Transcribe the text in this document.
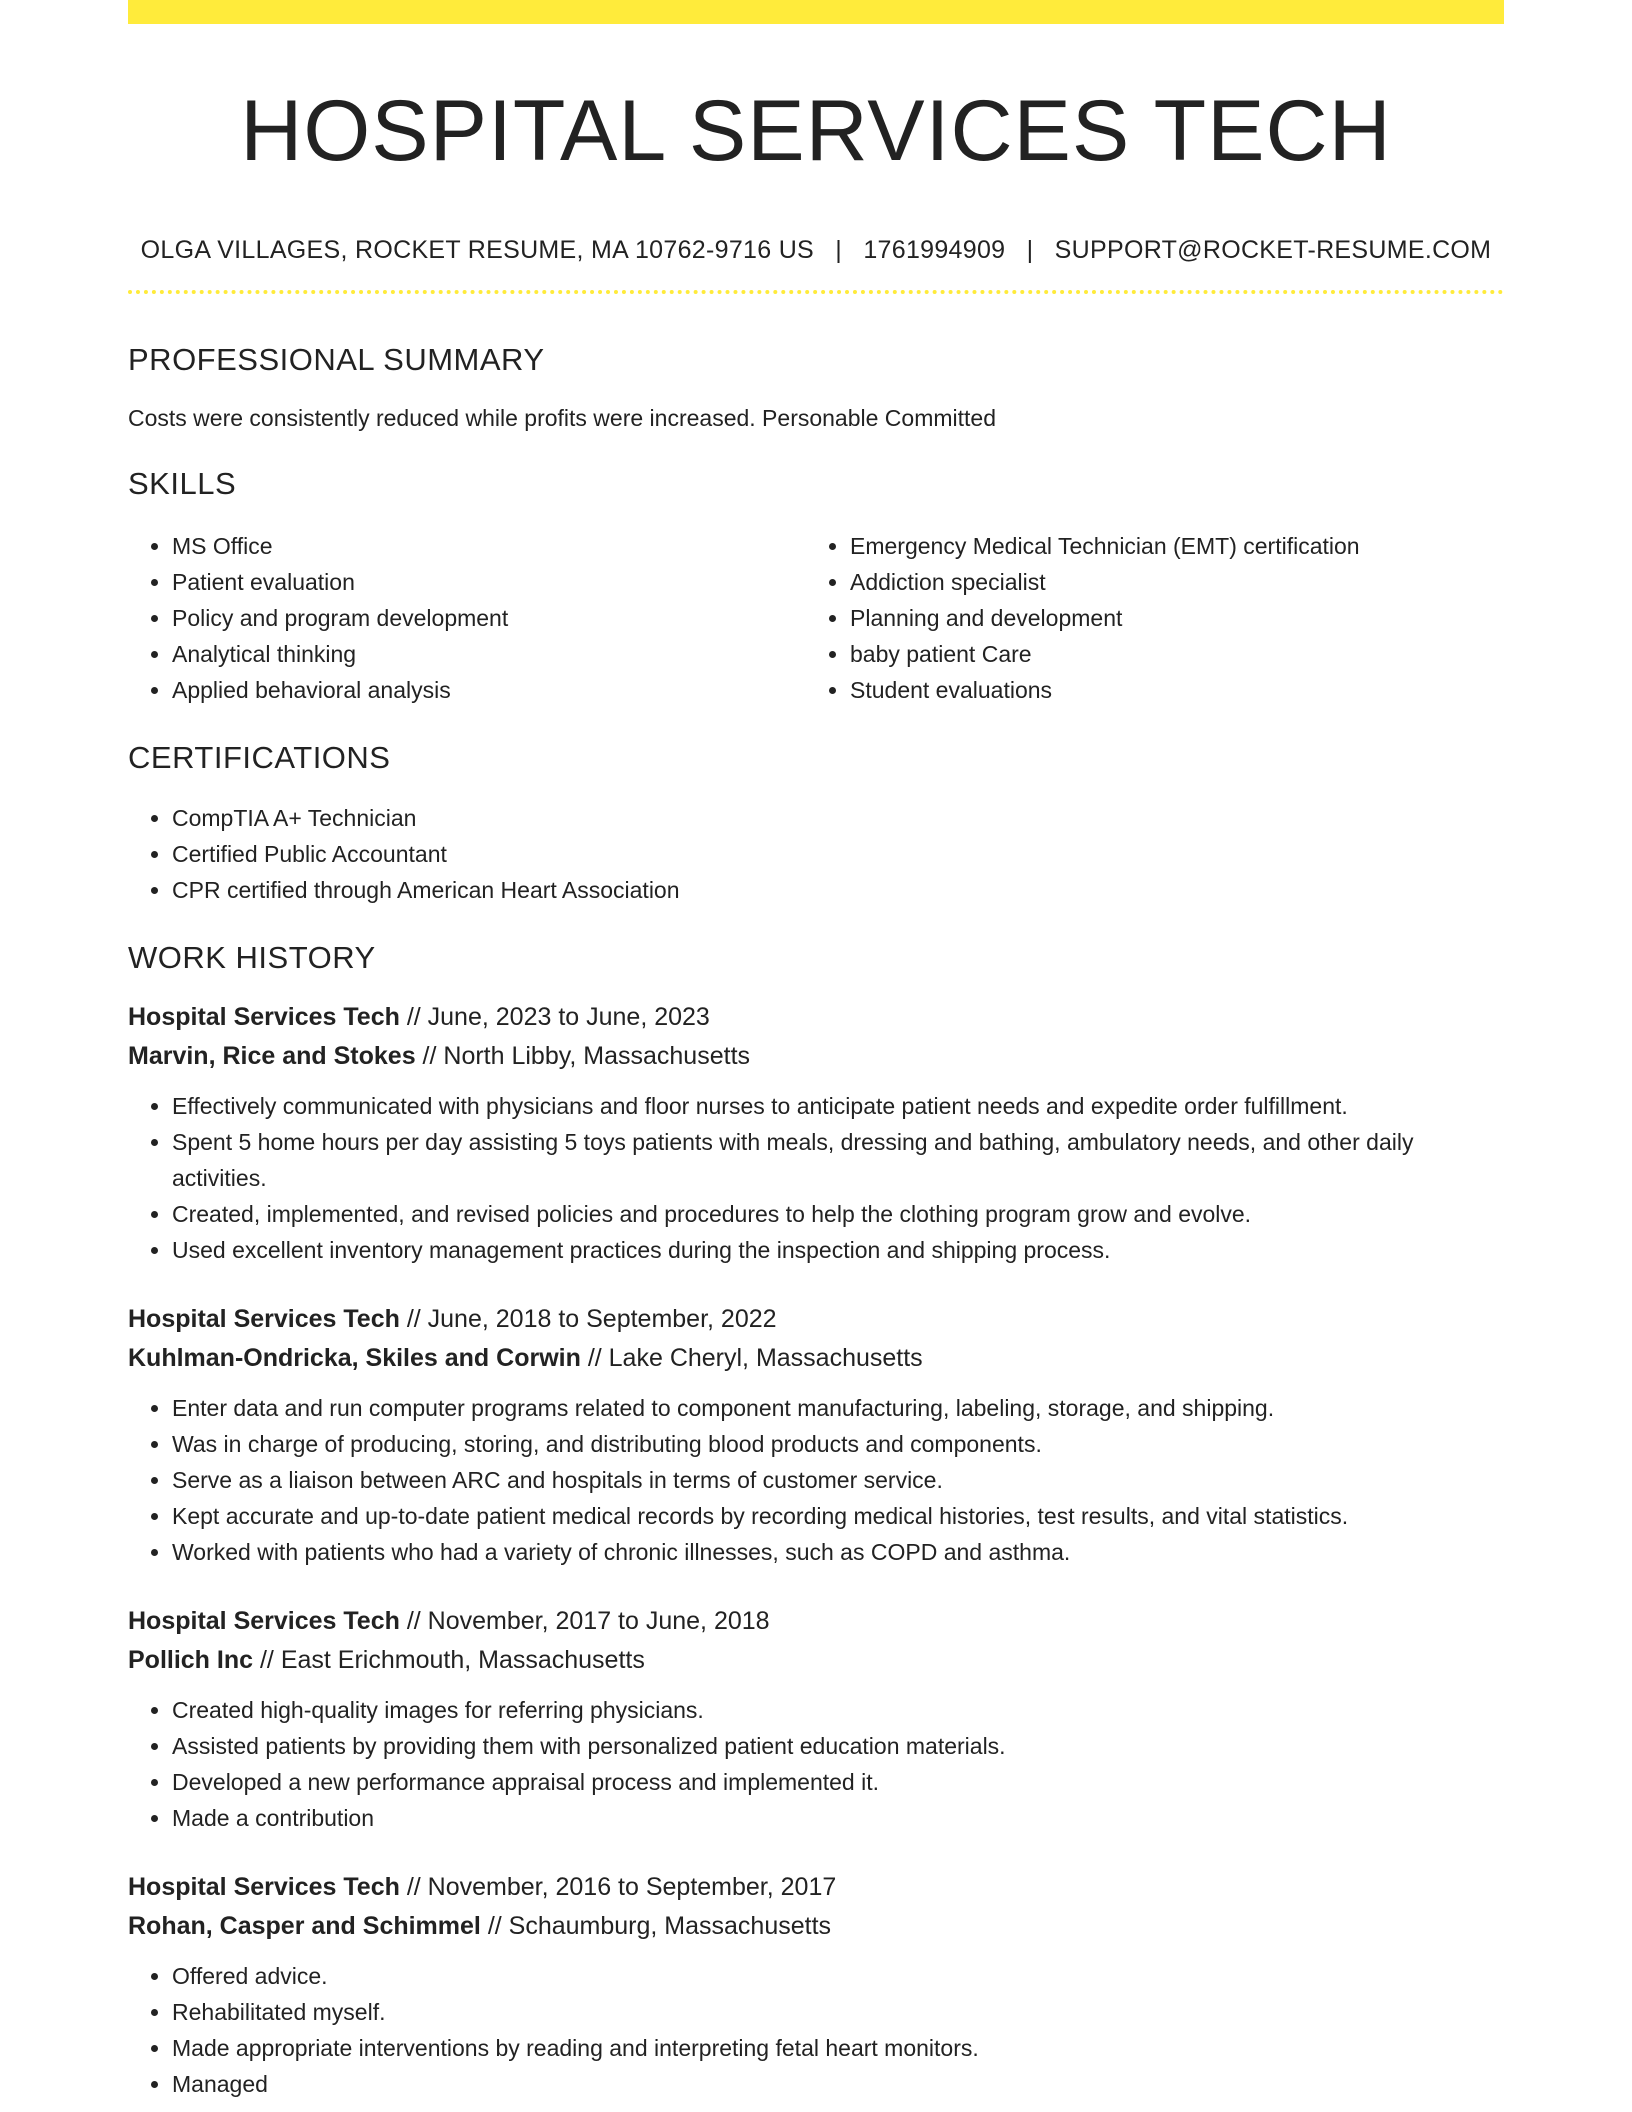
HOSPITAL SERVICES TECH
OLGA VILLAGES, ROCKET RESUME, MA 10762-9716 US | 1761994909 | SUPPORT@ROCKET-RESUME.COM
PROFESSIONAL SUMMARY

Costs were consistently reduced while profits were increased. Personable Committed

SKILLS
• MS Office
• Patient evaluation
• Policy and program development
• Analytical thinking
• Applied behavioral analysis
• Emergency Medical Technician (EMT) certification
• Addiction specialist
• Planning and development
• baby patient Care
• Student evaluations
CERTIFICATIONS
• CompTIA A+ Technician
• Certified Public Accountant
• CPR certified through American Heart Association
WORK HISTORY
Hospital Services Tech // June, 2023 to June, 2023
Marvin, Rice and Stokes // North Libby, Massachusetts
• Effectively communicated with physicians and floor nurses to anticipate patient needs and expedite order fulfillment.
• Spent 5 home hours per day assisting 5 toys patients with meals, dressing and bathing, ambulatory needs, and other daily activities.
• Created, implemented, and revised policies and procedures to help the clothing program grow and evolve.
• Used excellent inventory management practices during the inspection and shipping process.
Hospital Services Tech // June, 2018 to September, 2022
Kuhlman-Ondricka, Skiles and Corwin // Lake Cheryl, Massachusetts
• Enter data and run computer programs related to component manufacturing, labeling, storage, and shipping.
• Was in charge of producing, storing, and distributing blood products and components.
• Serve as a liaison between ARC and hospitals in terms of customer service.
• Kept accurate and up-to-date patient medical records by recording medical histories, test results, and vital statistics.
• Worked with patients who had a variety of chronic illnesses, such as COPD and asthma.
Hospital Services Tech // November, 2017 to June, 2018
Pollich Inc // East Erichmouth, Massachusetts
• Created high-quality images for referring physicians.
• Assisted patients by providing them with personalized patient education materials.
• Developed a new performance appraisal process and implemented it.
• Made a contribution
Hospital Services Tech // November, 2016 to September, 2017
Rohan, Casper and Schimmel // Schaumburg, Massachusetts
• Offered advice.
• Rehabilitated myself.
• Made appropriate interventions by reading and interpreting fetal heart monitors.
• Managed
